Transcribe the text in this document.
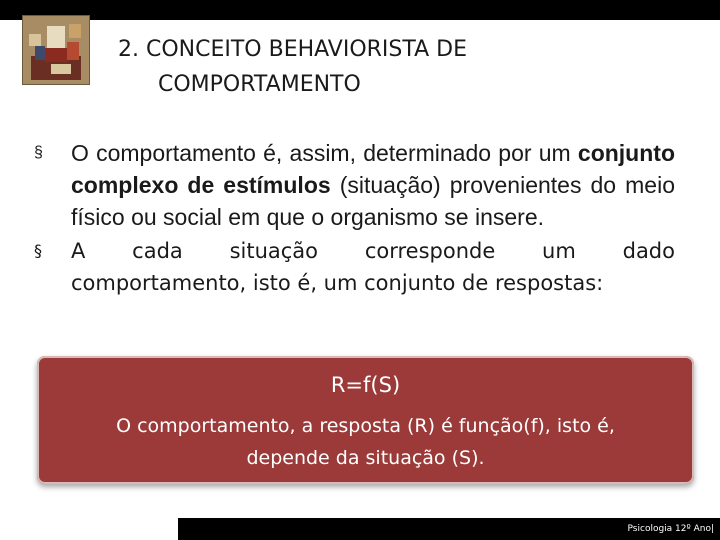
2. CONCEITO BEHAVIORISTA DE
COMPORTAMENTO
§ O comportamento é, assim, determinado por um conjunto complexo de estímulos (situação) provenientes do meio físico ou social em que o organismo se insere.
§ A cada situação corresponde um dado
comportamento, isto é, um conjunto de respostas:
R=f(S)
O comportamento, a resposta (R) é função(f), isto é, depende da situação (S).
Psicologia 12º Ano|
